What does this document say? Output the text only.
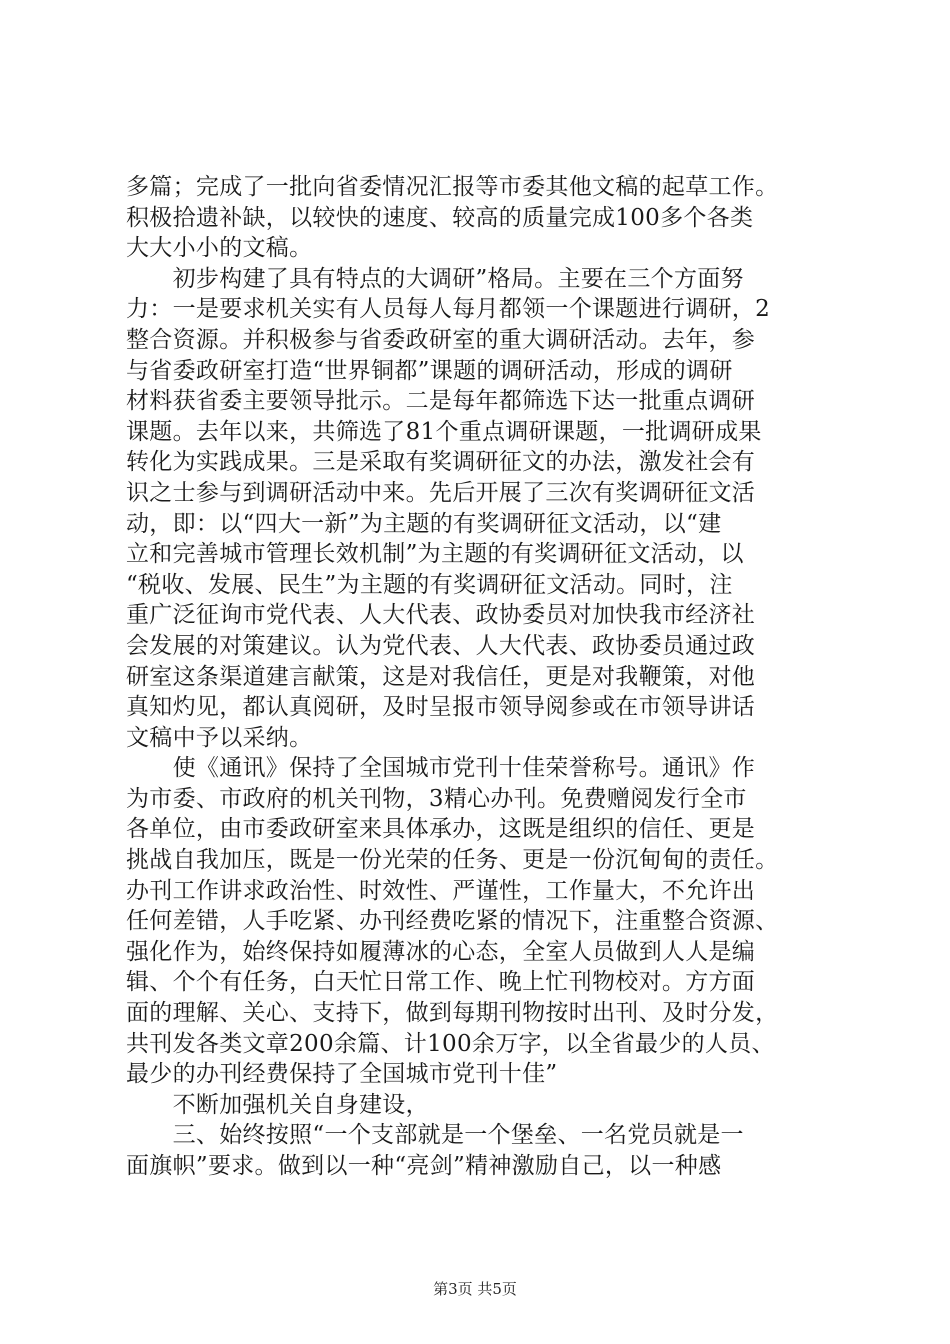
多篇；完成了一批向省委情况汇报等市委其他文稿的起草工作。
积极拾遗补缺，以较快的速度、较高的质量完成100多个各类
大大小小的文稿。
　　初步构建了具有特点的大调研”格局。主要在三个方面努
力：一是要求机关实有人员每人每月都领一个课题进行调研，2
整合资源。并积极参与省委政研室的重大调研活动。去年，参
与省委政研室打造“世界铜都”课题的调研活动，形成的调研
材料获省委主要领导批示。二是每年都筛选下达一批重点调研
课题。去年以来，共筛选了81个重点调研课题，一批调研成果
转化为实践成果。三是采取有奖调研征文的办法，激发社会有
识之士参与到调研活动中来。先后开展了三次有奖调研征文活
动，即：以“四大一新”为主题的有奖调研征文活动，以“建
立和完善城市管理长效机制”为主题的有奖调研征文活动，以
“税收、发展、民生”为主题的有奖调研征文活动。同时，注
重广泛征询市党代表、人大代表、政协委员对加快我市经济社
会发展的对策建议。认为党代表、人大代表、政协委员通过政
研室这条渠道建言献策，这是对我信任，更是对我鞭策，对他
真知灼见，都认真阅研，及时呈报市领导阅参或在市领导讲话
文稿中予以采纳。
　　使《通讯》保持了全国城市党刊十佳荣誉称号。通讯》作
为市委、市政府的机关刊物，3精心办刊。免费赠阅发行全市
各单位，由市委政研室来具体承办，这既是组织的信任、更是
挑战自我加压，既是一份光荣的任务、更是一份沉甸甸的责任。
办刊工作讲求政治性、时效性、严谨性，工作量大，不允许出
任何差错，人手吃紧、办刊经费吃紧的情况下，注重整合资源、
强化作为，始终保持如履薄冰的心态，全室人员做到人人是编
辑、个个有任务，白天忙日常工作、晚上忙刊物校对。方方面
面的理解、关心、支持下，做到每期刊物按时出刊、及时分发，
共刊发各类文章200余篇、计100余万字，以全省最少的人员、
最少的办刊经费保持了全国城市党刊十佳”
　　不断加强机关自身建设，
　　三、始终按照“一个支部就是一个堡垒、一名党员就是一
面旗帜”要求。做到以一种“亮剑”精神激励自己，以一种感
第3页 共5页
